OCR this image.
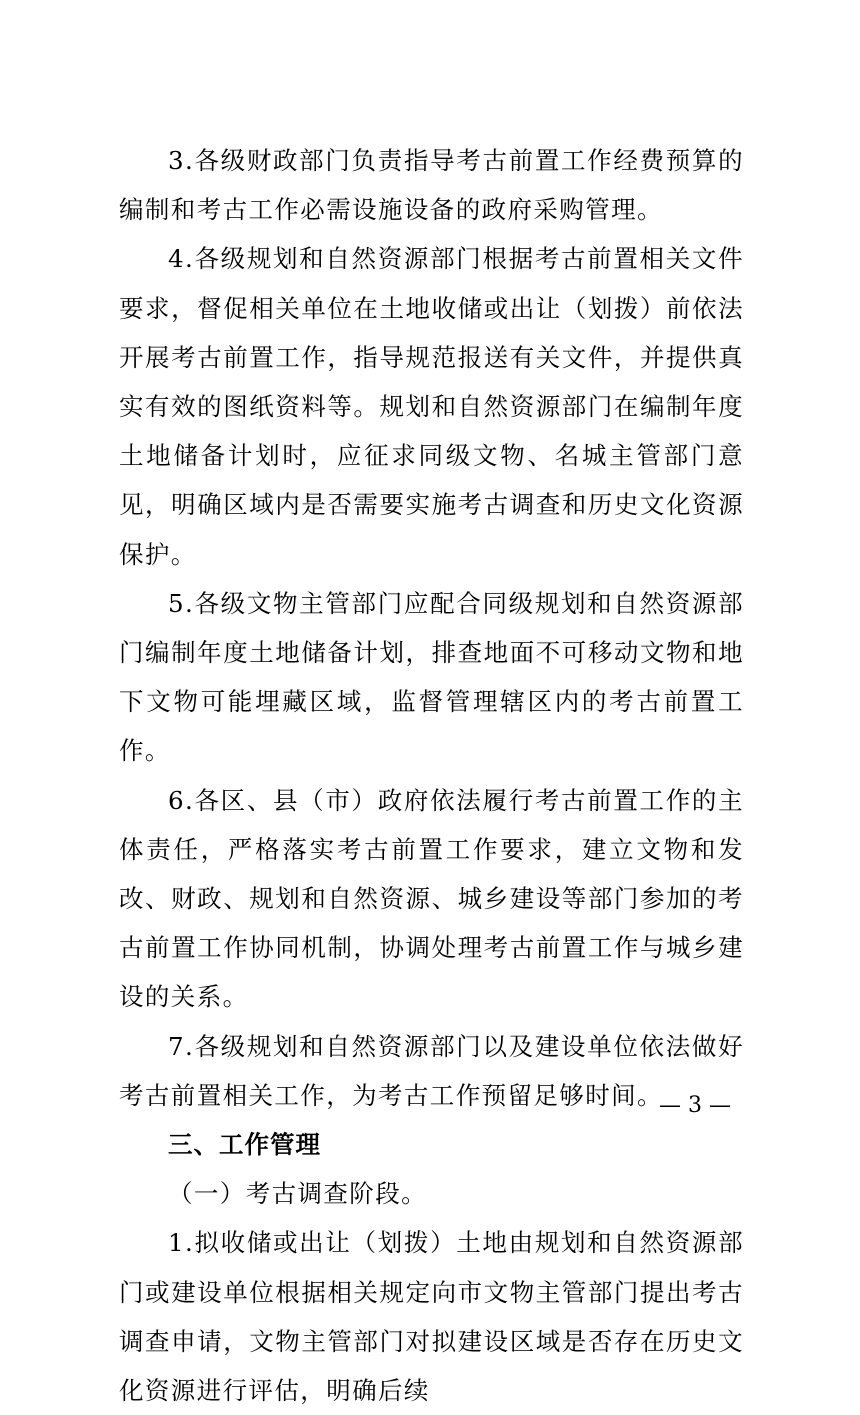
3.各级财政部门负责指导考古前置工作经费预算的编制和考古工作必需设施设备的政府采购管理。

4.各级规划和自然资源部门根据考古前置相关文件要求，督促相关单位在土地收储或出让（划拨）前依法开展考古前置工作，指导规范报送有关文件，并提供真实有效的图纸资料等。规划和自然资源部门在编制年度土地储备计划时，应征求同级文物、名城主管部门意见，明确区域内是否需要实施考古调查和历史文化资源保护。

5.各级文物主管部门应配合同级规划和自然资源部门编制年度土地储备计划，排查地面不可移动文物和地下文物可能埋藏区域，监督管理辖区内的考古前置工作。

6.各区、县（市）政府依法履行考古前置工作的主体责任，严格落实考古前置工作要求，建立文物和发改、财政、规划和自然资源、城乡建设等部门参加的考古前置工作协同机制，协调处理考古前置工作与城乡建设的关系。

7.各级规划和自然资源部门以及建设单位依法做好考古前置相关工作，为考古工作预留足够时间。

三、工作管理

（一）考古调查阶段。

1.拟收储或出让（划拨）土地由规划和自然资源部门或建设单位根据相关规定向市文物主管部门提出考古调查申请，文物主管部门对拟建设区域是否存在历史文化资源进行评估，明确后续

— 3 —
